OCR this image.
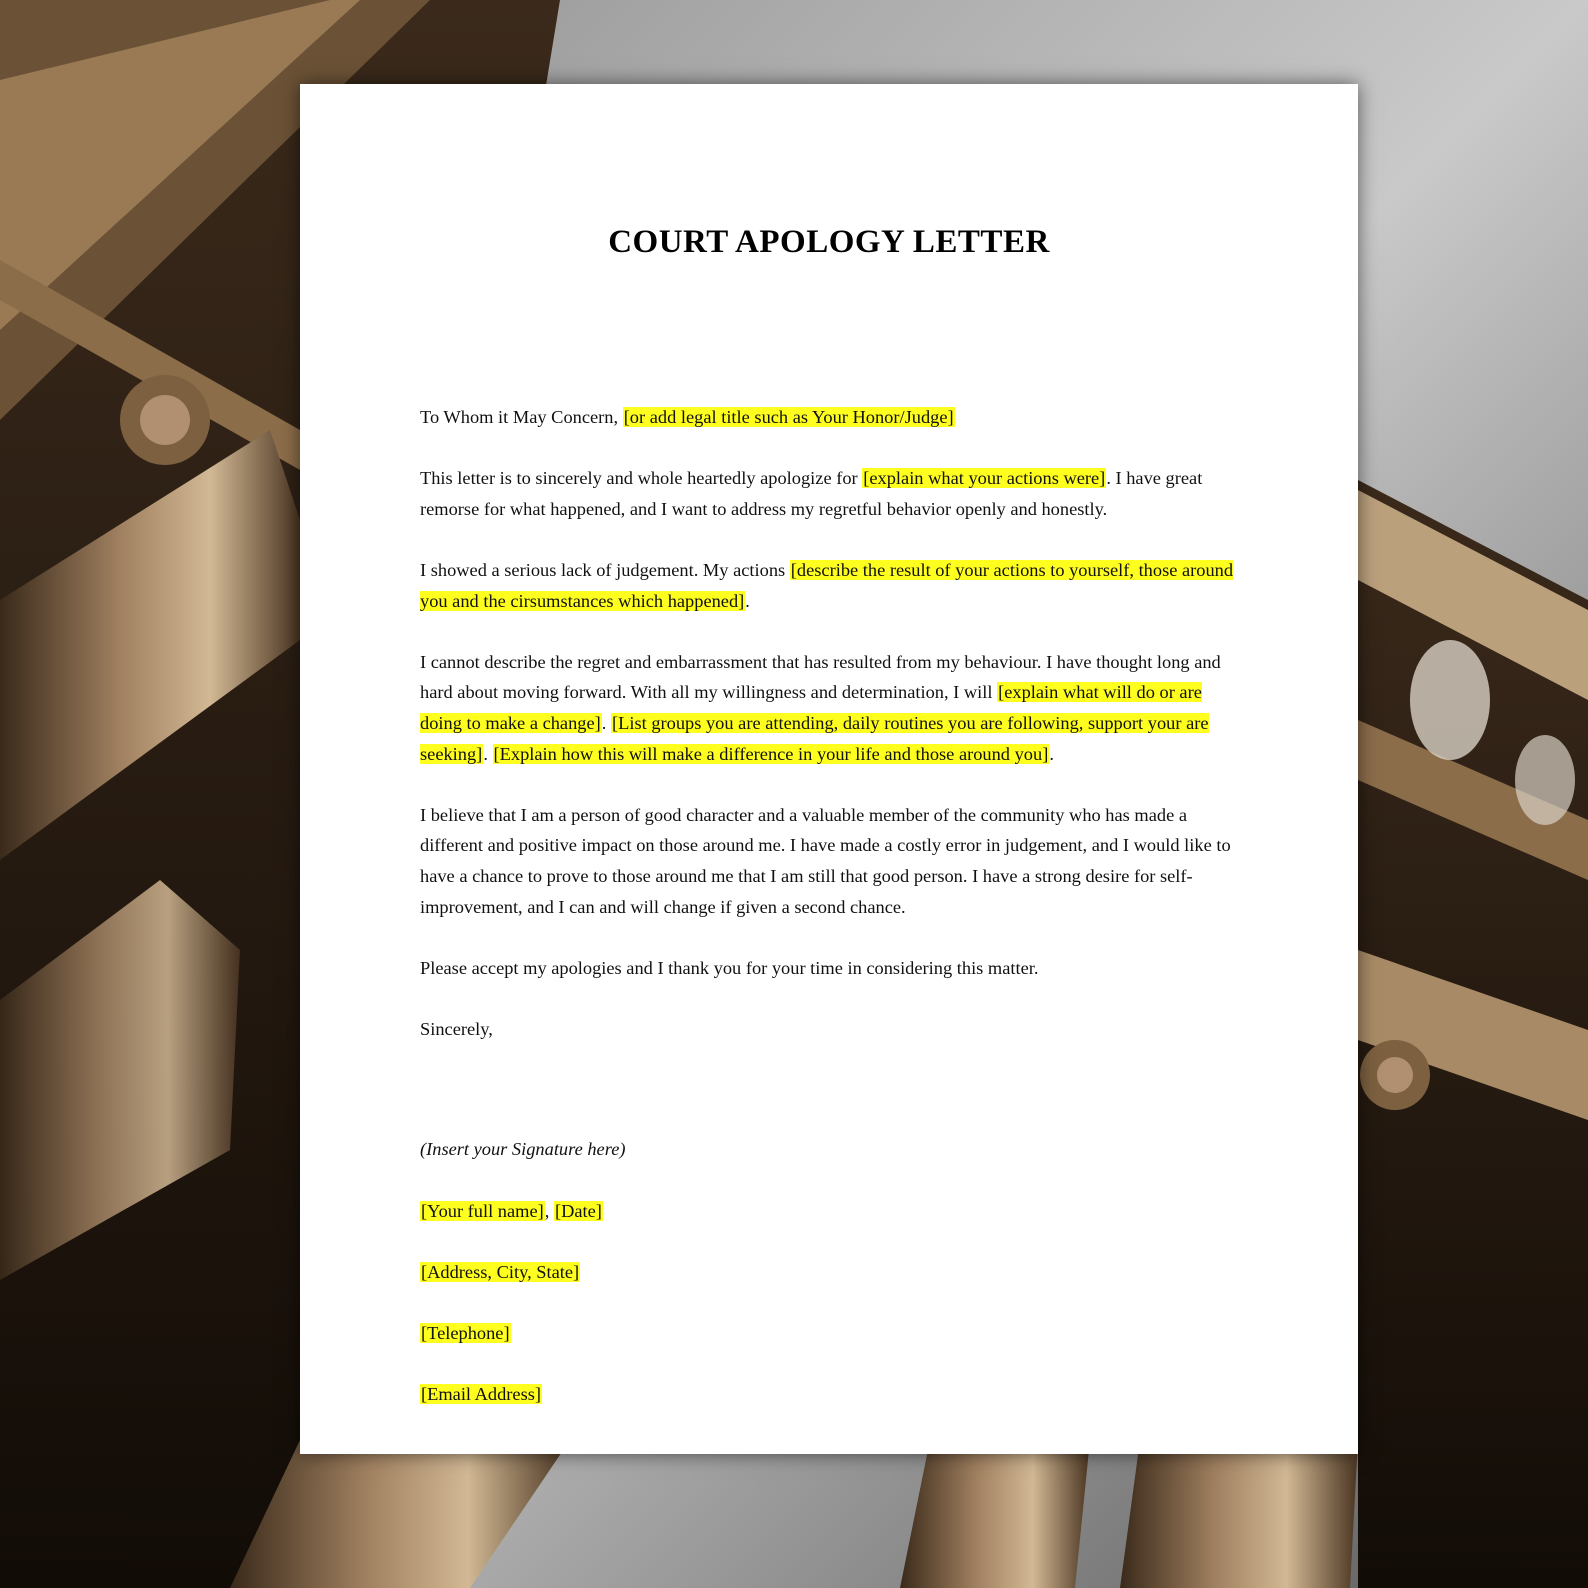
COURT APOLOGY LETTER

To Whom it May Concern, [or add legal title such as Your Honor/Judge]

This letter is to sincerely and whole heartedly apologize for [explain what your actions were]. I have great remorse for what happened, and I want to address my regretful behavior openly and honestly.

I showed a serious lack of judgement. My actions [describe the result of your actions to yourself, those around you and the cirsumstances which happened].

I cannot describe the regret and embarrassment that has resulted from my behaviour. I have thought long and hard about moving forward. With all my willingness and determination, I will [explain what will do or are doing to make a change]. [List groups you are attending, daily routines you are following, support your are seeking]. [Explain how this will make a difference in your life and those around you].

I believe that I am a person of good character and a valuable member of the community who has made a different and positive impact on those around me. I have made a costly error in judgement, and I would like to have a chance to prove to those around me that I am still that good person. I have a strong desire for self-improvement, and I can and will change if given a second chance.

Please accept my apologies and I thank you for your time in considering this matter.

Sincerely,

(Insert your Signature here)

[Your full name], [Date]

[Address, City, State]

[Telephone]

[Email Address]
